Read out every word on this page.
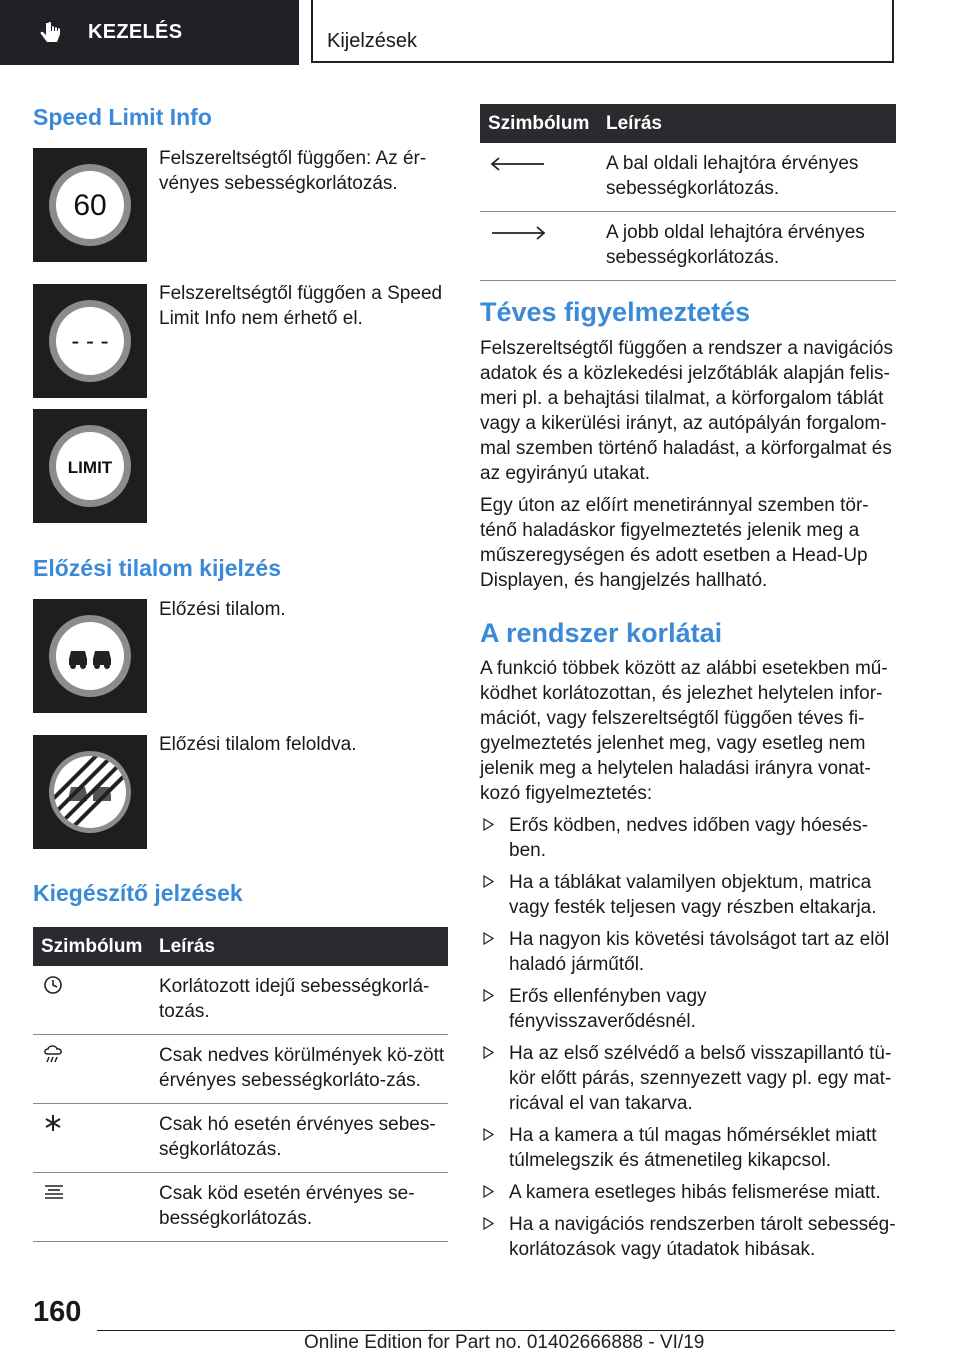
KEZELÉS	Kijelzések
Speed Limit Info
60
Felszereltségtől függően: Az ér-vényes sebességkorlátozás.
- - -
Felszereltségtől függően a Speed Limit Info nem érhető el.
LIMIT
Előzési tilalom kijelzés
Előzési tilalom.
Előzési tilalom feloldva.
Kiegészítő jelzések
Szimbólum	Leírás

	Korlátozott idejű sebességkorlá-tozás.

	Csak nedves körülmények kö-zött érvényes sebességkorláto-zás.

	Csak hó esetén érvényes sebes-ségkorlátozás.

	Csak köd esetén érvényes se-bességkorlátozás.
Szimbólum	Leírás

	A bal oldali lehajtóra érvényes sebességkorlátozás.

	A jobb oldal lehajtóra érvényes sebességkorlátozás.
Téves figyelmeztetés

Felszereltségtől függően a rendszer a navigációs adatok és a közlekedési jelzőtáblák alapján felis-meri pl. a behajtási tilalmat, a körforgalom táblát vagy a kikerülési irányt, az autópályán forgalom-mal szemben történő haladást, a körforgalmat és az egyirányú utakat.

Egy úton az előírt menetiránnyal szemben tör-ténő haladáskor figyelmeztetés jelenik meg a műszeregységen és adott esetben a Head-Up Displayen, és hangjelzés hallható.

A rendszer korlátai

A funkció többek között az alábbi esetekben mű-ködhet korlátozottan, és jelezhet helytelen infor-mációt, vagy felszereltségtől függően téves fi-gyelmeztetés jelenhet meg, vagy esetleg nem jelenik meg a helytelen haladási irányra vonat-kozó figyelmeztetés:

Erős ködben, nedves időben vagy hóesés-ben.
Ha a táblákat valamilyen objektum, matrica vagy festék teljesen vagy részben eltakarja.
Ha nagyon kis követési távolságot tart az elöl haladó járműtől.
Erős ellenfényben vagy fényvisszaverődésnél.
Ha az első szélvédő a belső visszapillantó tü-kör előtt párás, szennyezett vagy pl. egy mat-ricával el van takarva.
Ha a kamera a túl magas hőmérséklet miatt túlmelegszik és átmenetileg kikapcsol.
A kamera esetleges hibás felismerése miatt.
Ha a navigációs rendszerben tárolt sebesség-korlátozások vagy útadatok hibásak.
160
Online Edition for Part no. 01402666888 - VI/19
